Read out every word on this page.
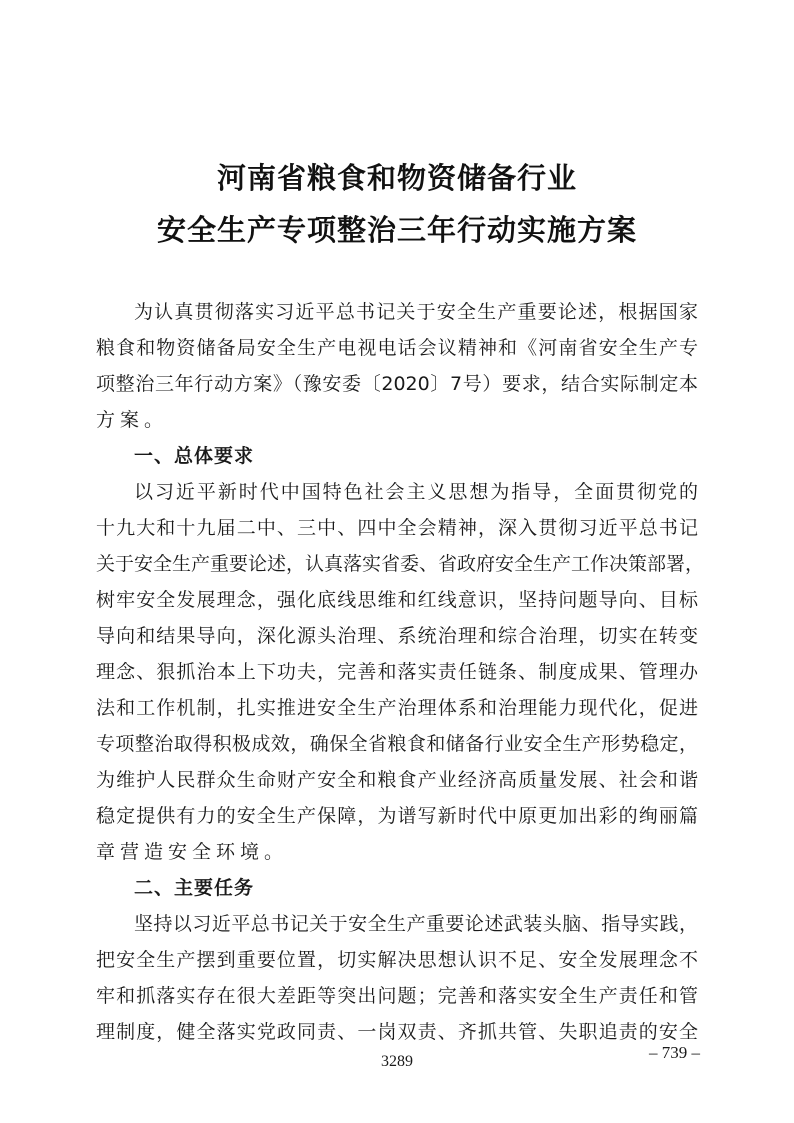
河南省粮食和物资储备行业
安全生产专项整治三年行动实施方案
为认真贯彻落实习近平总书记关于安全生产重要论述，根据国家
粮食和物资储备局安全生产电视电话会议精神和《河南省安全生产专
项整治三年行动方案》（豫安委〔2020〕7号）要求，结合实际制定本
方案。
一、总体要求
以习近平新时代中国特色社会主义思想为指导，全面贯彻党的
十九大和十九届二中、三中、四中全会精神，深入贯彻习近平总书记
关于安全生产重要论述，认真落实省委、省政府安全生产工作决策部署，
树牢安全发展理念，强化底线思维和红线意识，坚持问题导向、目标
导向和结果导向，深化源头治理、系统治理和综合治理，切实在转变
理念、狠抓治本上下功夫，完善和落实责任链条、制度成果、管理办
法和工作机制，扎实推进安全生产治理体系和治理能力现代化，促进
专项整治取得积极成效，确保全省粮食和储备行业安全生产形势稳定，
为维护人民群众生命财产安全和粮食产业经济高质量发展、社会和谐
稳定提供有力的安全生产保障，为谱写新时代中原更加出彩的绚丽篇
章营造安全环境。
二、主要任务
坚持以习近平总书记关于安全生产重要论述武装头脑、指导实践，
把安全生产摆到重要位置，切实解决思想认识不足、安全发展理念不
牢和抓落实存在很大差距等突出问题；完善和落实安全生产责任和管
理制度，健全落实党政同责、一岗双责、齐抓共管、失职追责的安全
– 739 –
3289
